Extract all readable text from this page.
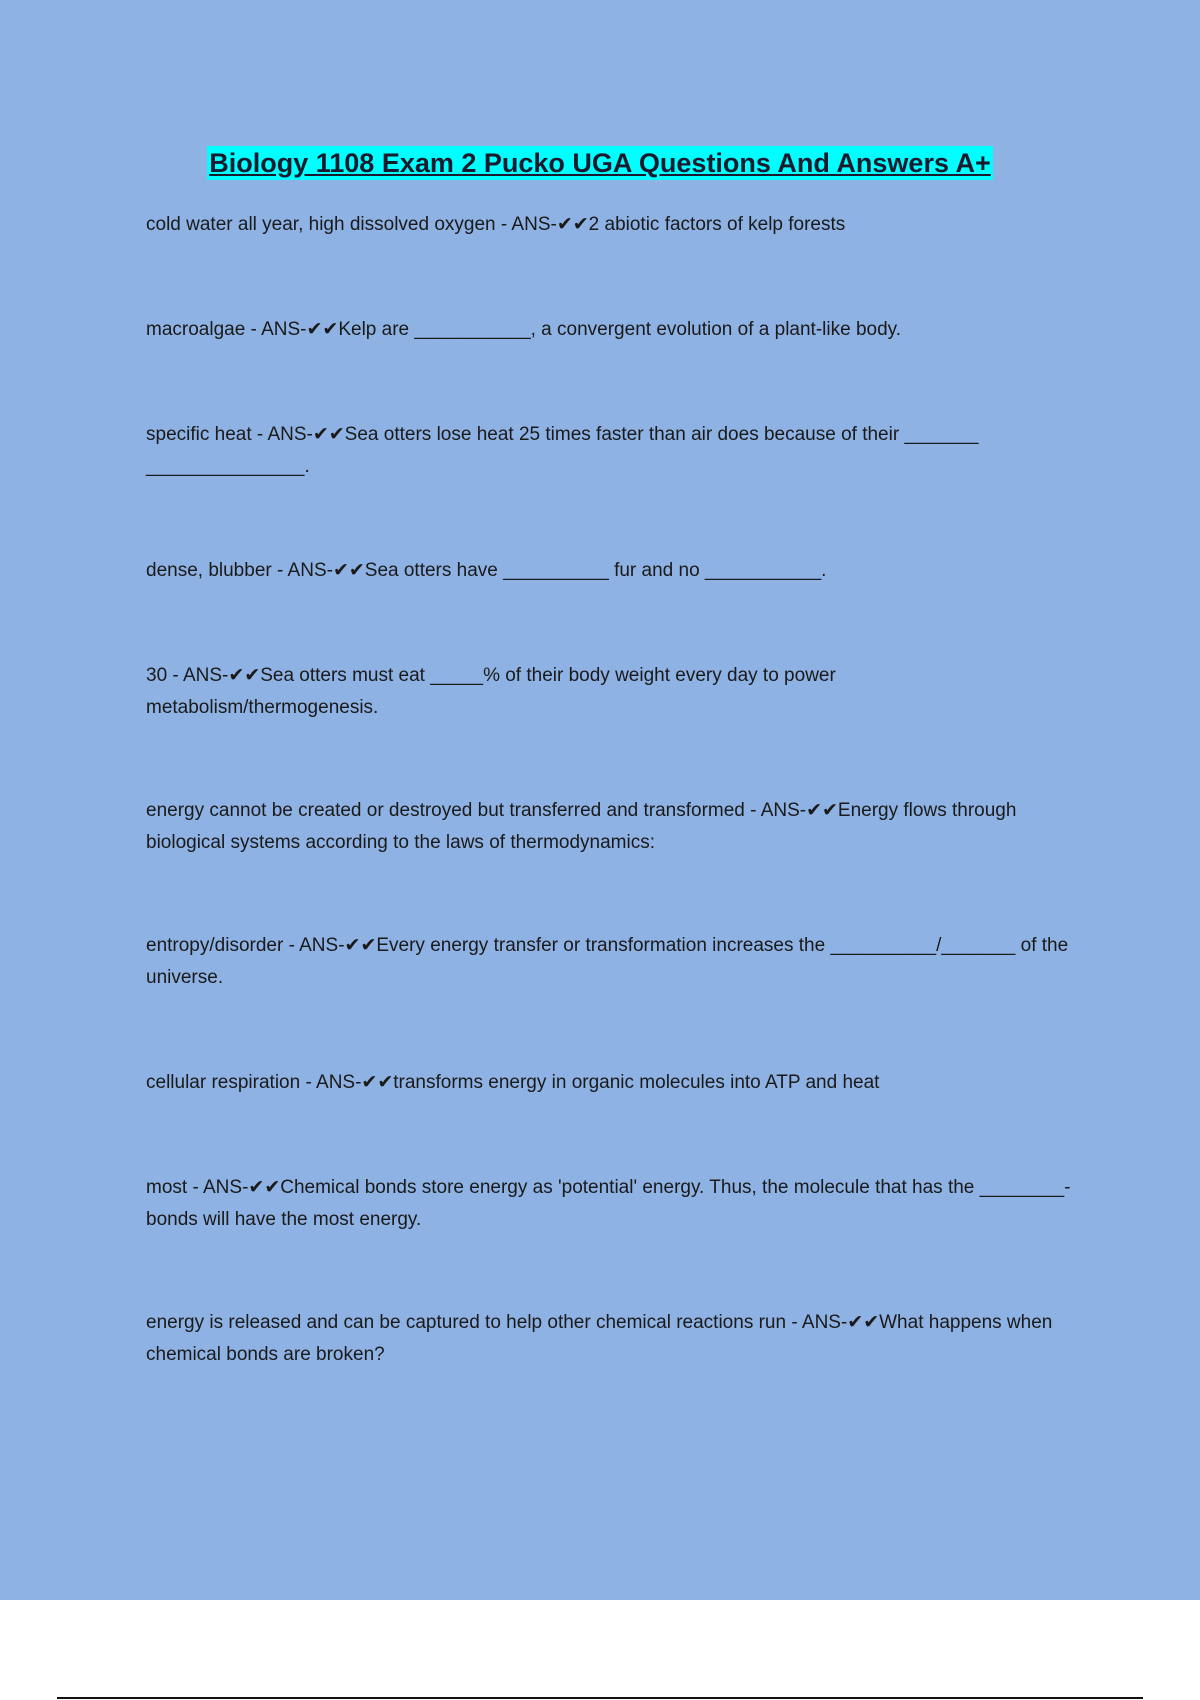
Biology 1108 Exam 2 Pucko UGA Questions And Answers A+

cold water all year, high dissolved oxygen - ANS-✔✔2 abiotic factors of kelp forests

macroalgae - ANS-✔✔Kelp are ___________, a convergent evolution of a plant-like body.

specific heat - ANS-✔✔Sea otters lose heat 25 times faster than air does because of their _______ _______________.

dense, blubber - ANS-✔✔Sea otters have __________ fur and no ___________.

30 - ANS-✔✔Sea otters must eat _____% of their body weight every day to power metabolism/thermogenesis.

energy cannot be created or destroyed but transferred and transformed - ANS-✔✔Energy flows through biological systems according to the laws of thermodynamics:

entropy/disorder - ANS-✔✔Every energy transfer or transformation increases the __________/_______ of the universe.

cellular respiration - ANS-✔✔transforms energy in organic molecules into ATP and heat

most - ANS-✔✔Chemical bonds store energy as 'potential' energy. Thus, the molecule that has the ________- bonds will have the most energy.

energy is released and can be captured to help other chemical reactions run - ANS-✔✔What happens when chemical bonds are broken?
